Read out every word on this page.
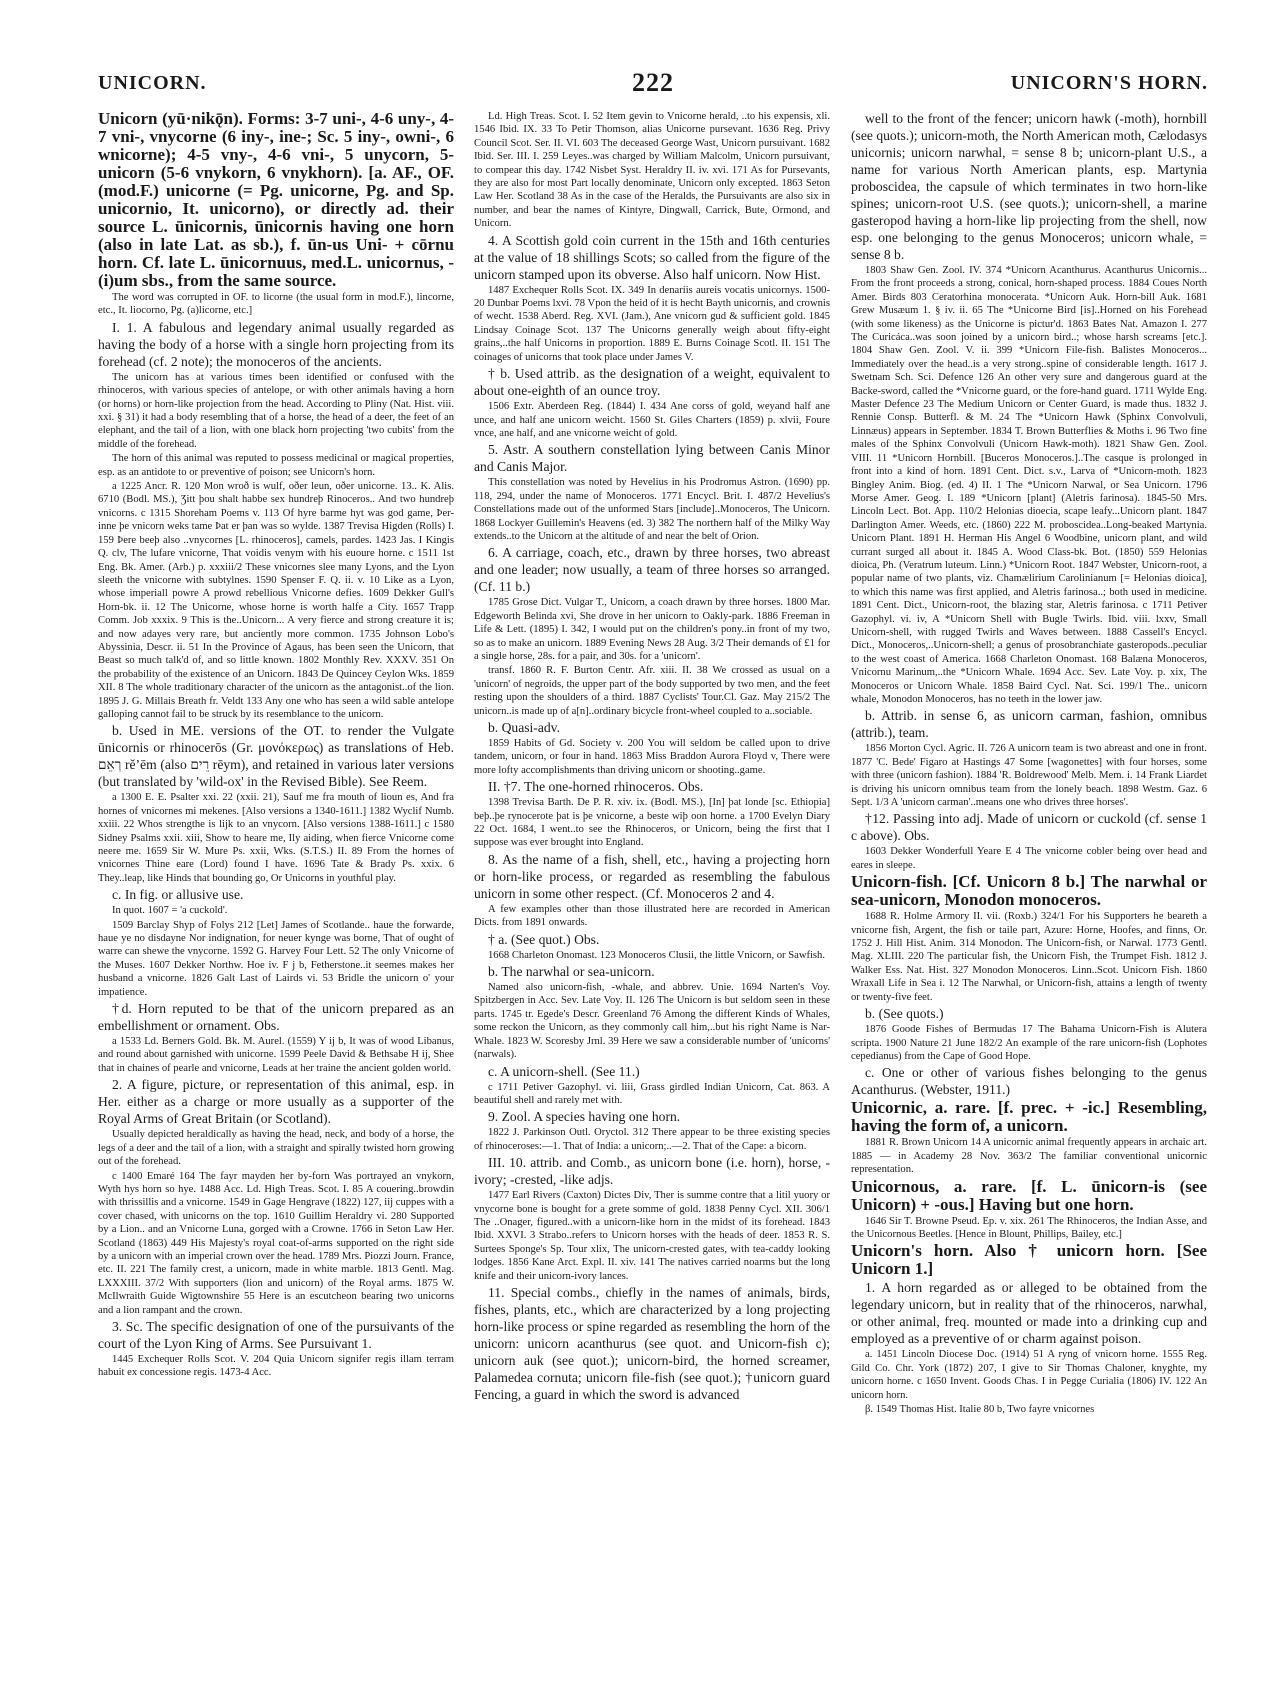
UNICORN.	222	UNICORN'S HORN.

Unicorn (yū·nikǭn). Forms: 3-7 uni-, 4-6 uny-, 4-7 vni-, vnycorne (6 iny-, ine-; Sc. 5 iny-, owni-, 6 wnicorne); 4-5 vny-, 4-6 vni-, 5 unycorn, 5- unicorn (5-6 vnykorn, 6 vnykhorn). [a. AF., OF. (mod.F.) unicorne (= Pg. unicorne, Pg. and Sp. unicornio, It. unicorno), or directly ad. their source L. ūnicornis, ūnicornis having one horn (also in late Lat. as sb.), f. ūn-us Uni- + cōrnu horn. Cf. late L. ūnicornuus, med.L. unicornus, -(i)um sbs., from the same source.

The word was corrupted in OF. to licorne (the usual form in mod.F.), lincorne, etc., It. liocorno, Pg. (a)licorne, etc.]

I. 1. A fabulous and legendary animal usually regarded as having the body of a horse with a single horn projecting from its forehead (cf. 2 note); the monoceros of the ancients.

The unicorn has at various times been identified or confused with the rhinoceros, with various species of antelope, or with other animals having a horn (or horns) or horn-like projection from the head. According to Pliny (Nat. Hist. viii. xxi. § 31) it had a body resembling that of a horse, the head of a deer, the feet of an elephant, and the tail of a lion, with one black horn projecting 'two cubits' from the middle of the forehead.

The horn of this animal was reputed to possess medicinal or magical properties, esp. as an antidote to or preventive of poison; see Unicorn's horn.

a 1225 Ancr. R. 120 Mon wroð is wulf, oðer leun, oðer unicorne. 13.. K. Alis. 6710 (Bodl. MS.), Ʒitt þou shalt habbe sex hundreþ Rinoceros.. And two hundreþ vnicorns. c 1315 Shoreham Poems v. 113 Of hyre barme hyt was god game, Þer-inne þe vnicorn weks tame Þat er þan was so wylde. 1387 Trevisa Higden (Rolls) I. 159 Þere beeþ also ..vnycornes [L. rhinoceros], camels, pardes. 1423 Jas. I Kingis Q. clv, The lufare vnicorne, That voidis venym with his euoure horne. c 1511 1st Eng. Bk. Amer. (Arb.) p. xxxiii/2 These vnicornes slee many Lyons, and the Lyon sleeth the vnicorne with subtylnes. 1590 Spenser F. Q. ii. v. 10 Like as a Lyon, whose imperiall powre A prowd rebellious Vnicorne defies. 1609 Dekker Gull's Horn-bk. ii. 12 The Unicorne, whose horne is worth halfe a City. 1657 Trapp Comm. Job xxxix. 9 This is the..Unicorn... A very fierce and strong creature it is; and now adayes very rare, but anciently more common. 1735 Johnson Lobo's Abyssinia, Descr. ii. 51 In the Province of Agaus, has been seen the Unicorn, that Beast so much talk'd of, and so little known. 1802 Monthly Rev. XXXV. 351 On the probability of the existence of an Unicorn. 1843 De Quincey Ceylon Wks. 1859 XII. 8 The whole traditionary character of the unicorn as the antagonist..of the lion. 1895 J. G. Millais Breath fr. Veldt 133 Any one who has seen a wild sable antelope galloping cannot fail to be struck by its resemblance to the unicorn.

b. Used in ME. versions of the OT. to render the Vulgate ūnicornis or rhinocerōs (Gr. μονόκερως) as translations of Heb. רְאֵם rěʼēm (also רֵים rēym), and retained in various later versions (but translated by 'wild-ox' in the Revised Bible). See Reem.

a 1300 E. E. Psalter xxi. 22 (xxii. 21), Sauf me fra mouth of lioun es, And fra hornes of vnicornes mi mekenes. [Also versions a 1340-1611.] 1382 Wyclif Numb. xxiii. 22 Whos strengthe is lijk to an vnycorn. [Also versions 1388-1611.] c 1580 Sidney Psalms xxii. xiii, Show to heare me, Ily aiding, when fierce Vnicorne come neere me. 1659 Sir W. Mure Ps. xxii, Wks. (S.T.S.) II. 89 From the hornes of vnicornes Thine eare (Lord) found I have. 1696 Tate & Brady Ps. xxix. 6 They..leap, like Hinds that bounding go, Or Unicorns in youthful play.

c. In fig. or allusive use.

In quot. 1607 = 'a cuckold'.

1509 Barclay Shyp of Folys 212 [Let] James of Scotlande.. haue the forwarde, haue ye no disdayne Nor indignation, for neuer kynge was borne, That of ought of warre can shewe the vnycorne. 1592 G. Harvey Four Lett. 52 The only Vnicorne of the Muses. 1607 Dekker Northw. Hoe iv. F j b, Fetherstone..it seemes makes her husband a vnicorne. 1826 Galt Last of Lairds vi. 53 Bridle the unicorn o' your impatience.

†d. Horn reputed to be that of the unicorn prepared as an embellishment or ornament. Obs.

a 1533 Ld. Berners Gold. Bk. M. Aurel. (1559) Y ij b, It was of wood Libanus, and round about garnished with unicorne. 1599 Peele David & Bethsabe H ij, Shee that in chaines of pearle and vnicorne, Leads at her traine the ancient golden world.

2. A figure, picture, or representation of this animal, esp. in Her. either as a charge or more usually as a supporter of the Royal Arms of Great Britain (or Scotland).

Usually depicted heraldically as having the head, neck, and body of a horse, the legs of a deer and the tail of a lion, with a straight and spirally twisted horn growing out of the forehead.

c 1400 Emaré 164 The fayr mayden her by-forn Was portrayed an vnykorn, Wyth hys horn so hye. 1488 Acc. Ld. High Treas. Scot. I. 85 A couering..browdin with thrissillis and a vnicorne. 1549 in Gage Hengrave (1822) 127, iij cuppes with a cover chased, with unicorns on the top. 1610 Guillim Heraldry vi. 280 Supported by a Lion.. and an Vnicorne Luna, gorged with a Crowne. 1766 in Seton Law Her. Scotland (1863) 449 His Majesty's royal coat-of-arms supported on the right side by a unicorn with an imperial crown over the head. 1789 Mrs. Piozzi Journ. France, etc. II. 221 The family crest, a unicorn, made in white marble. 1813 Gentl. Mag. LXXXIII. 37/2 With supporters (lion and unicorn) of the Royal arms. 1875 W. McIlwraith Guide Wigtownshire 55 Here is an escutcheon bearing two unicorns and a lion rampant and the crown.

3. Sc. The specific designation of one of the pursuivants of the court of the Lyon King of Arms. See Pursuivant 1.

1445 Exchequer Rolls Scot. V. 204 Quia Unicorn signifer regis illam terram habuit ex concessione regis. 1473-4 Acc.

Ld. High Treas. Scot. I. 52 Item gevin to Vnicorne herald, ..to his expensis, xli. 1546 Ibid. IX. 33 To Petir Thomson, alias Unicorne pursevant. 1636 Reg. Privy Council Scot. Ser. II. VI. 603 The deceased George Wast, Unicorn pursuivant. 1682 Ibid. Ser. III. I. 259 Leyes..was charged by William Malcolm, Unicorn pursuivant, to compear this day. 1742 Nisbet Syst. Heraldry II. iv. xvi. 171 As for Pursevants, they are also for most Part locally denominate, Unicorn only excepted. 1863 Seton Law Her. Scotland 38 As in the case of the Heralds, the Pursuivants are also six in number, and bear the names of Kintyre, Dingwall, Carrick, Bute, Ormond, and Unicorn.

4. A Scottish gold coin current in the 15th and 16th centuries at the value of 18 shillings Scots; so called from the figure of the unicorn stamped upon its obverse. Also half unicorn. Now Hist.

1487 Exchequer Rolls Scot. IX. 349 In denariis aureis vocatis unicornys. 1500-20 Dunbar Poems lxvi. 78 Vpon the heid of it is hecht Bayth unicornis, and crownis of wecht. 1538 Aberd. Reg. XVI. (Jam.), Ane vnicorn gud & sufficient gold. 1845 Lindsay Coinage Scot. 137 The Unicorns generally weigh about fifty-eight grains,..the half Unicorns in proportion. 1889 E. Burns Coinage Scotl. II. 151 The coinages of unicorns that took place under James V.

† b. Used attrib. as the designation of a weight, equivalent to about one-eighth of an ounce troy.

1506 Extr. Aberdeen Reg. (1844) I. 434 Ane corss of gold, weyand half ane unce, and half ane unicorn weicht. 1560 St. Giles Charters (1859) p. xlvii, Foure vnce, ane half, and ane vnicorne weicht of gold.

5. Astr. A southern constellation lying between Canis Minor and Canis Major.

This constellation was noted by Hevelius in his Prodromus Astron. (1690) pp. 118, 294, under the name of Monoceros. 1771 Encycl. Brit. I. 487/2 Hevelius's Constellations made out of the unformed Stars [include]..Monoceros, The Unicorn. 1868 Lockyer Guillemin's Heavens (ed. 3) 382 The northern half of the Milky Way extends..to the Unicorn at the altitude of and near the belt of Orion.

6. A carriage, coach, etc., drawn by three horses, two abreast and one leader; now usually, a team of three horses so arranged. (Cf. 11 b.)

1785 Grose Dict. Vulgar T., Unicorn, a coach drawn by three horses. 1800 Mar. Edgeworth Belinda xvi, She drove in her unicorn to Oakly-park. 1886 Freeman in Life & Lett. (1895) I. 342, I would put on the children's pony..in front of my two, so as to make an unicorn. 1889 Evening News 28 Aug. 3/2 Their demands of £1 for a single horse, 28s. for a pair, and 30s. for a 'unicorn'.

transf. 1860 R. F. Burton Centr. Afr. xiii. II. 38 We crossed as usual on a 'unicorn' of negroids, the upper part of the body supported by two men, and the feet resting upon the shoulders of a third. 1887 Cyclists' Tour.Cl. Gaz. May 215/2 The unicorn..is made up of a[n]..ordinary bicycle front-wheel coupled to a..sociable.

b. Quasi-adv.

1859 Habits of Gd. Society v. 200 You will seldom be called upon to drive tandem, unicorn, or four in hand. 1863 Miss Braddon Aurora Floyd v, There were more lofty accomplishments than driving unicorn or shooting..game.

II. †7. The one-horned rhinoceros. Obs.

1398 Trevisa Barth. De P. R. xiv. ix. (Bodl. MS.), [In] þat londe [sc. Ethiopia] beþ..þe rynocerote þat is þe vnicorne, a beste wiþ oon horne. a 1700 Evelyn Diary 22 Oct. 1684, I went..to see the Rhinoceros, or Unicorn, being the first that I suppose was ever brought into England.

8. As the name of a fish, shell, etc., having a projecting horn or horn-like process, or regarded as resembling the fabulous unicorn in some other respect. (Cf. Monoceros 2 and 4.

A few examples other than those illustrated here are recorded in American Dicts. from 1891 onwards.

† a. (See quot.) Obs.

1668 Charleton Onomast. 123 Monoceros Clusii, the little Vnicorn, or Sawfish.

b. The narwhal or sea-unicorn.

Named also unicorn-fish, -whale, and abbrev. Unie. 1694 Narten's Voy. Spitzbergen in Acc. Sev. Late Voy. II. 126 The Unicorn is but seldom seen in these parts. 1745 tr. Egede's Descr. Greenland 76 Among the different Kinds of Whales, some reckon the Unicorn, as they commonly call him,..but his right Name is Nar-Whale. 1823 W. Scoresby Jrnl. 39 Here we saw a considerable number of 'unicorns' (narwals).

c. A unicorn-shell. (See 11.)

c 1711 Petiver Gazophyl. vi. liii, Grass girdled Indian Unicorn, Cat. 863. A beautiful shell and rarely met with.

9. Zool. A species having one horn.

1822 J. Parkinson Outl. Oryctol. 312 There appear to be three existing species of rhinoceroses:—1. That of India: a unicorn;..—2. That of the Cape: a bicorn.

III. 10. attrib. and Comb., as unicorn bone (i.e. horn), horse, -ivory; -crested, -like adjs.

1477 Earl Rivers (Caxton) Dictes Div, Ther is summe contre that a litil yuory or vnycorne bone is bought for a grete somme of gold. 1838 Penny Cycl. XII. 306/1 The ..Onager, figured..with a unicorn-like horn in the midst of its forehead. 1843 Ibid. XXVI. 3 Strabo..refers to Unicorn horses with the heads of deer. 1853 R. S. Surtees Sponge's Sp. Tour xlix, The unicorn-crested gates, with tea-caddy looking lodges. 1856 Kane Arct. Expl. II. xiv. 141 The natives carried noarms but the long knife and their unicorn-ivory lances.

11. Special combs., chiefly in the names of animals, birds, fishes, plants, etc., which are characterized by a long projecting horn-like process or spine regarded as resembling the horn of the unicorn: unicorn acanthurus (see quot. and Unicorn-fish c); unicorn auk (see quot.); unicorn-bird, the horned screamer, Palamedea cornuta; unicorn file-fish (see quot.); †unicorn guard Fencing, a guard in which the sword is advanced

well to the front of the fencer; unicorn hawk (-moth), hornbill (see quots.); unicorn-moth, the North American moth, Cælodasys unicornis; unicorn narwhal, = sense 8 b; unicorn-plant U.S., a name for various North American plants, esp. Martynia proboscidea, the capsule of which terminates in two horn-like spines; unicorn-root U.S. (see quots.); unicorn-shell, a marine gasteropod having a horn-like lip projecting from the shell, now esp. one belonging to the genus Monoceros; unicorn whale, = sense 8 b.

1803 Shaw Gen. Zool. IV. 374 *Unicorn Acanthurus. Acanthurus Unicornis... From the front proceeds a strong, conical, horn-shaped process. 1884 Coues North Amer. Birds 803 Ceratorhina monocerata. *Unicorn Auk. Horn-bill Auk. 1681 Grew Musæum 1. § iv. ii. 65 The *Unicorne Bird [is]..Horned on his Forehead (with some likeness) as the Unicorne is pictur'd. 1863 Bates Nat. Amazon I. 277 The Curicáca..was soon joined by a unicorn bird..; whose harsh screams [etc.]. 1804 Shaw Gen. Zool. V. ii. 399 *Unicorn File-fish. Balistes Monoceros... Immediately over the head..is a very strong..spine of considerable length. 1617 J. Swetnam Sch. Sci. Defence 126 An other very sure and dangerous guard at the Backe-sword, called the *Vnicorne guard, or the fore-hand guard. 1711 Wylde Eng. Master Defence 23 The Medium Unicorn or Center Guard, is made thus. 1832 J. Rennie Consp. Butterfl. & M. 24 The *Unicorn Hawk (Sphinx Convolvuli, Linnæus) appears in September. 1834 T. Brown Butterflies & Moths i. 96 Two fine males of the Sphinx Convolvuli (Unicorn Hawk-moth). 1821 Shaw Gen. Zool. VIII. 11 *Unicorn Hornbill. [Buceros Monoceros.]..The casque is prolonged in front into a kind of horn. 1891 Cent. Dict. s.v., Larva of *Unicorn-moth. 1823 Bingley Anim. Biog. (ed. 4) II. 1 The *Unicorn Narwal, or Sea Unicorn. 1796 Morse Amer. Geog. I. 189 *Unicorn [plant] (Aletris farinosa). 1845-50 Mrs. Lincoln Lect. Bot. App. 110/2 Helonias dioecia, scape leafy...Unicorn plant. 1847 Darlington Amer. Weeds, etc. (1860) 222 M. proboscidea..Long-beaked Martynia. Unicorn Plant. 1891 H. Herman His Angel 6 Woodbine, unicorn plant, and wild currant surged all about it. 1845 A. Wood Class-bk. Bot. (1850) 559 Helonias dioica, Ph. (Veratrum luteum. Linn.) *Unicorn Root. 1847 Webster, Unicorn-root, a popular name of two plants, viz. Chamælirium Carolinianum [= Helonias dioica], to which this name was first applied, and Aletris farinosa..; both used in medicine. 1891 Cent. Dict., Unicorn-root, the blazing star, Aletris farinosa. c 1711 Petiver Gazophyl. vi. iv, A *Unicorn Shell with Bugle Twirls. Ibid. viii. lxxv, Small Unicorn-shell, with rugged Twirls and Waves between. 1888 Cassell's Encycl. Dict., Monoceros,..Unicorn-shell; a genus of prosobranchiate gasteropods..peculiar to the west coast of America. 1668 Charleton Onomast. 168 Balæna Monoceros, Vnicornu Marinum,..the *Unicorn Whale. 1694 Acc. Sev. Late Voy. p. xix, The Monoceros or Unicorn Whale. 1858 Baird Cycl. Nat. Sci. 199/1 The.. unicorn whale, Monodon Monoceros, has no teeth in the lower jaw.

b. Attrib. in sense 6, as unicorn carman, fashion, omnibus (attrib.), team.

1856 Morton Cycl. Agric. II. 726 A unicorn team is two abreast and one in front. 1877 'C. Bede' Figaro at Hastings 47 Some [wagonettes] with four horses, some with three (unicorn fashion). 1884 'R. Boldrewood' Melb. Mem. i. 14 Frank Liardet is driving his unicorn omnibus team from the lonely beach. 1898 Westm. Gaz. 6 Sept. 1/3 A 'unicorn carman'..means one who drives three horses'.

†12. Passing into adj. Made of unicorn or cuckold (cf. sense 1 c above). Obs.

1603 Dekker Wonderfull Yeare E 4 The vnicorne cobler being over head and eares in sleepe.

Unicorn-fish. [Cf. Unicorn 8 b.] The narwhal or sea-unicorn, Monodon monoceros.

1688 R. Holme Armory II. vii. (Roxb.) 324/1 For his Supporters he beareth a vnicorne fish, Argent, the fish or taile part, Azure: Horne, Hoofes, and finns, Or. 1752 J. Hill Hist. Anim. 314 Monodon. The Unicorn-fish, or Narwal. 1773 Gentl. Mag. XLIII. 220 The particular fish, the Unicorn Fish, the Trumpet Fish. 1812 J. Walker Ess. Nat. Hist. 327 Monodon Monoceros. Linn..Scot. Unicorn Fish. 1860 Wraxall Life in Sea i. 12 The Narwhal, or Unicorn-fish, attains a length of twenty or twenty-five feet.

b. (See quots.)

1876 Goode Fishes of Bermudas 17 The Bahama Unicorn-Fish is Alutera scripta. 1900 Nature 21 June 182/2 An example of the rare unicorn-fish (Lophotes cepedianus) from the Cape of Good Hope.

c. One or other of various fishes belonging to the genus Acanthurus. (Webster, 1911.)

Unicornic, a. rare. [f. prec. + -ic.] Resembling, having the form of, a unicorn.

1881 R. Brown Unicorn 14 A unicornic animal frequently appears in archaic art. 1885 — in Academy 28 Nov. 363/2 The familiar conventional unicornic representation.

Unicornous, a. rare. [f. L. ūnicorn-is (see Unicorn) + -ous.] Having but one horn.

1646 Sir T. Browne Pseud. Ep. v. xix. 261 The Rhinoceros, the Indian Asse, and the Unicornous Beetles. [Hence in Blount, Phillips, Bailey, etc.]

Unicorn's horn. Also † unicorn horn. [See Unicorn 1.]

1. A horn regarded as or alleged to be obtained from the legendary unicorn, but in reality that of the rhinoceros, narwhal, or other animal, freq. mounted or made into a drinking cup and employed as a preventive of or charm against poison.

a. 1451 Lincoln Diocese Doc. (1914) 51 A ryng of vnicorn horne. 1555 Reg. Gild Co. Chr. York (1872) 207, I give to Sir Thomas Chaloner, knyghte, my unicorn horne. c 1650 Invent. Goods Chas. I in Pegge Curialia (1806) IV. 122 An unicorn horn.

β. 1549 Thomas Hist. Italie 80 b, Two fayre vnicornes
